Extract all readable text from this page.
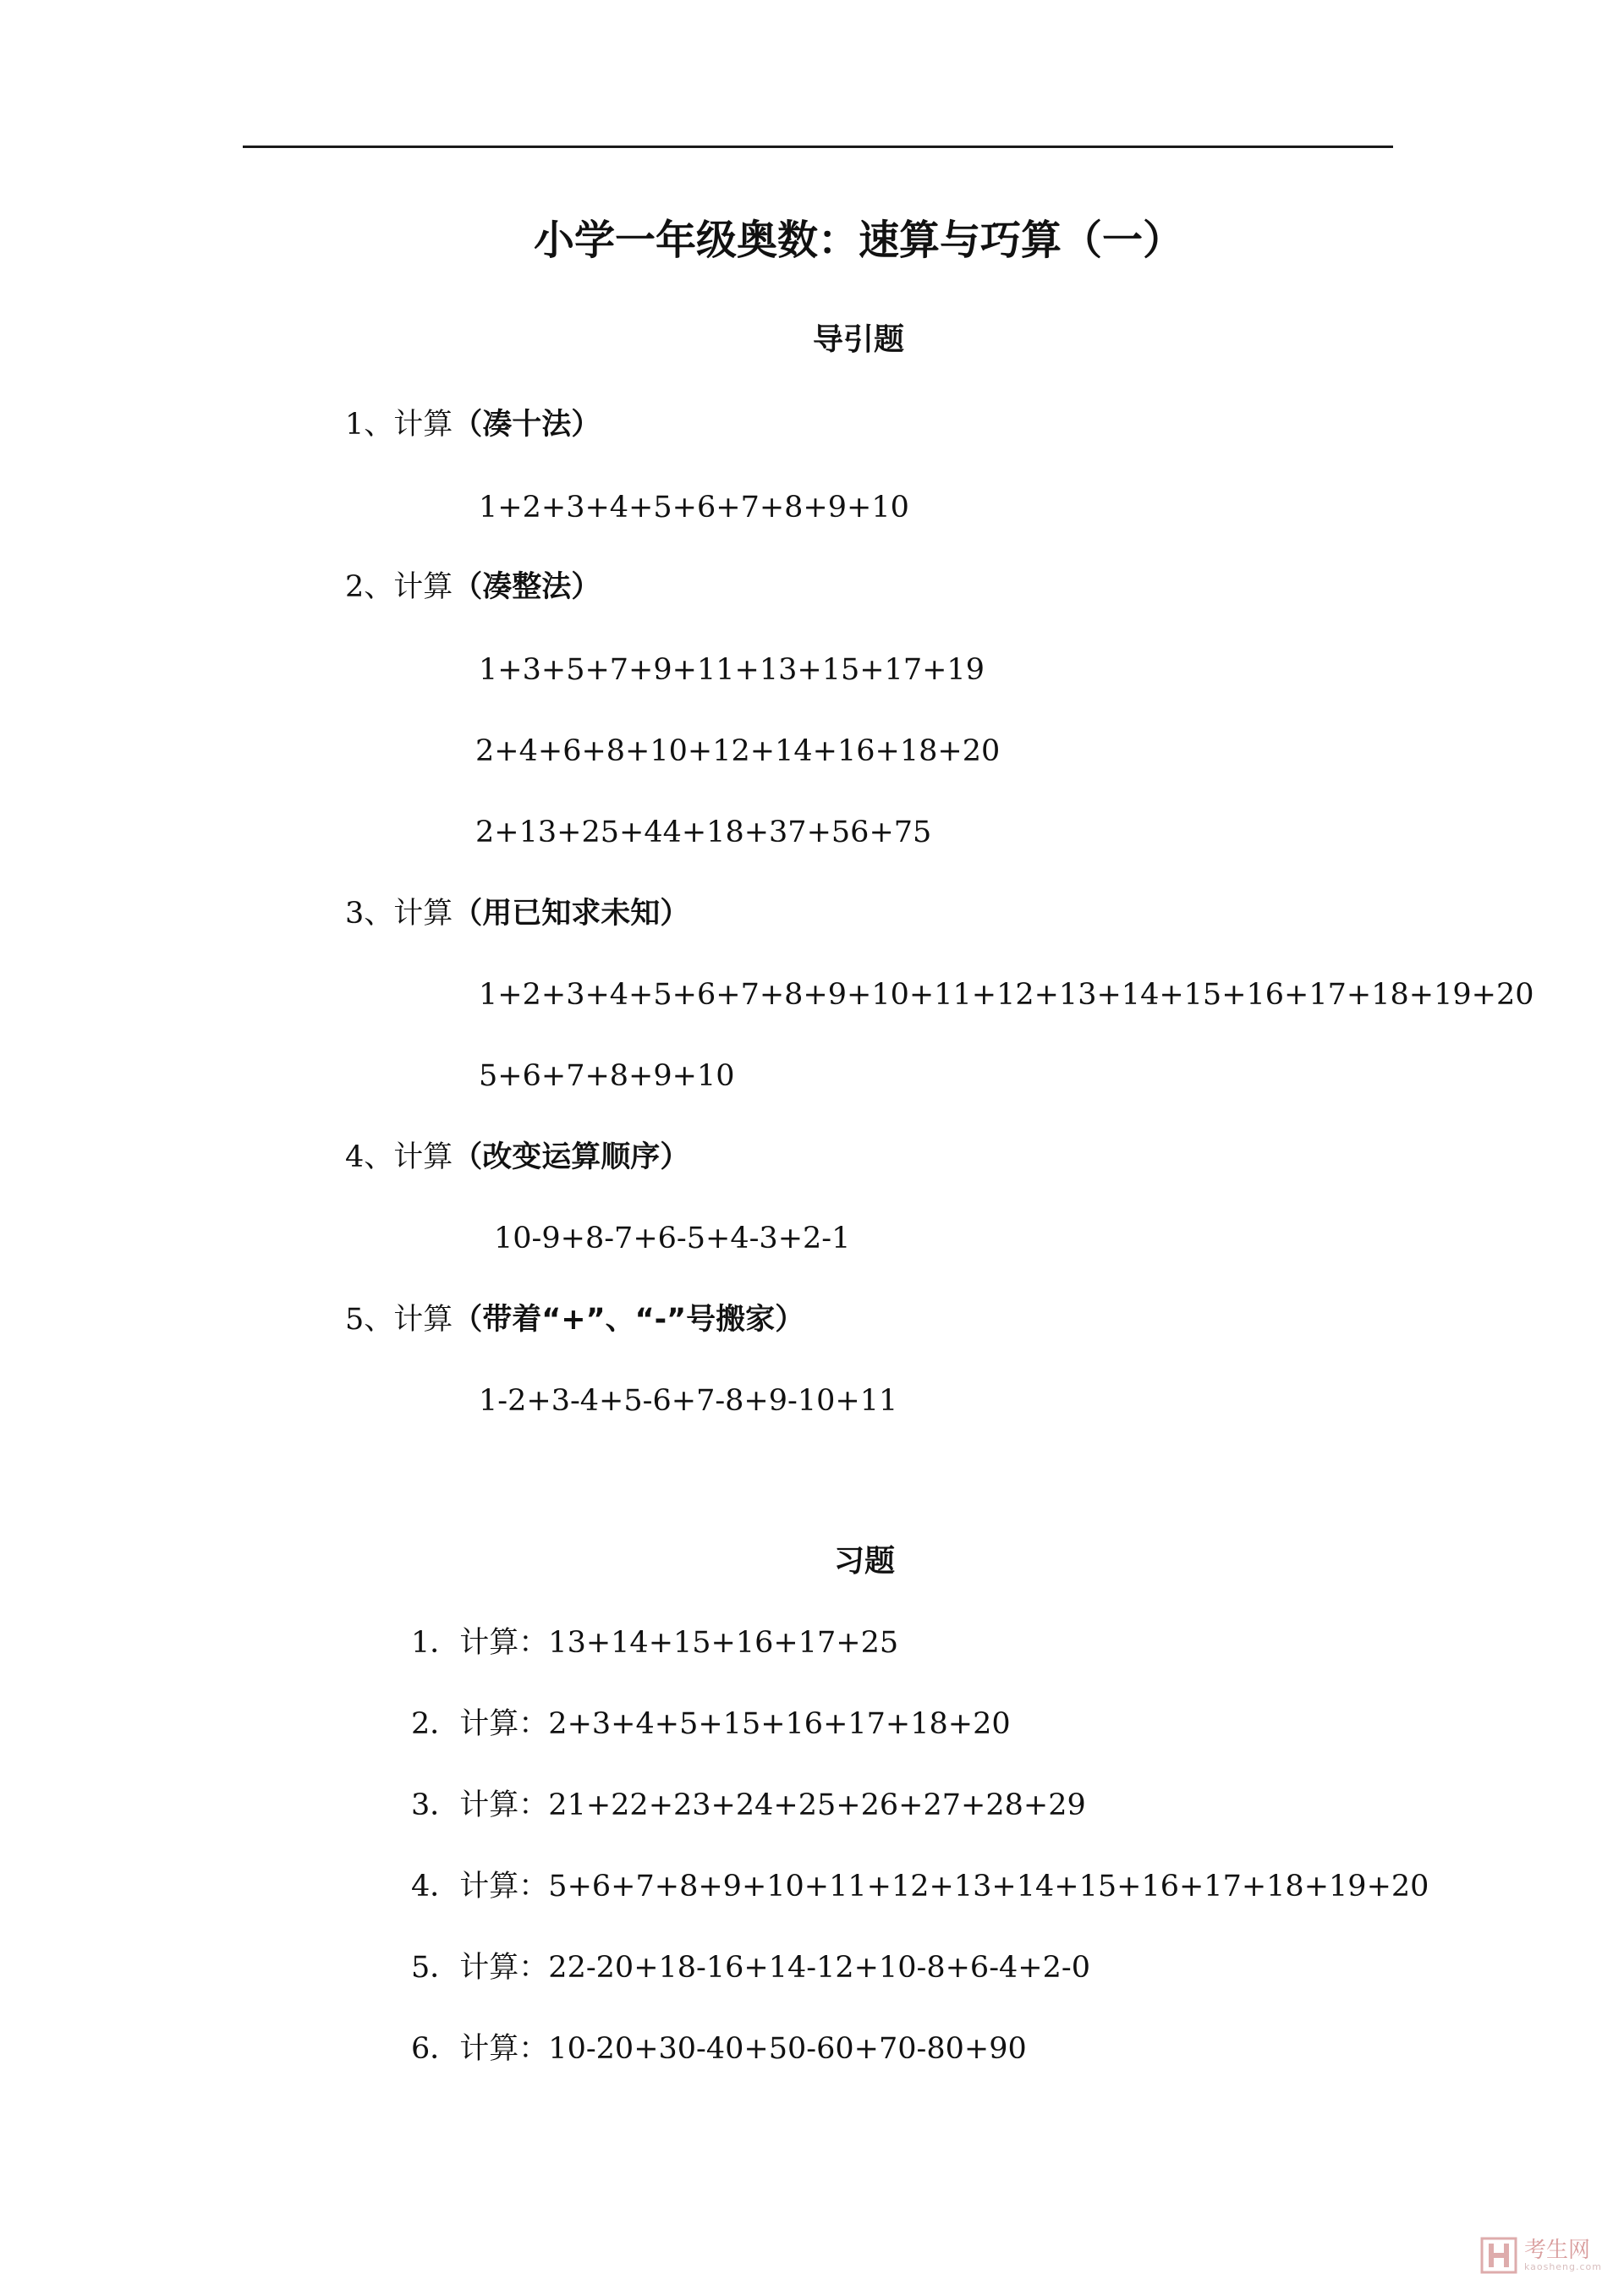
小学一年级奥数：速算与巧算（一）
导引题
1、计算（凑十法）
1+2+3+4+5+6+7+8+9+10
2、计算（凑整法）
1+3+5+7+9+11+13+15+17+19
2+4+6+8+10+12+14+16+18+20
2+13+25+44+18+37+56+75
3、计算（用已知求未知）
1+2+3+4+5+6+7+8+9+10+11+12+13+14+15+16+17+18+19+20
5+6+7+8+9+10
4、计算（改变运算顺序）
10-9+8-7+6-5+4-3+2-1
5、计算（带着“+”、“-”号搬家）
1-2+3-4+5-6+7-8+9-10+11
习题
1．计算：13+14+15+16+17+25
2．计算：2+3+4+5+15+16+17+18+20
3．计算：21+22+23+24+25+26+27+28+29
4．计算：5+6+7+8+9+10+11+12+13+14+15+16+17+18+19+20
5．计算：22-20+18-16+14-12+10-8+6-4+2-0
6．计算：10-20+30-40+50-60+70-80+90
考生网
kaosheng.com
